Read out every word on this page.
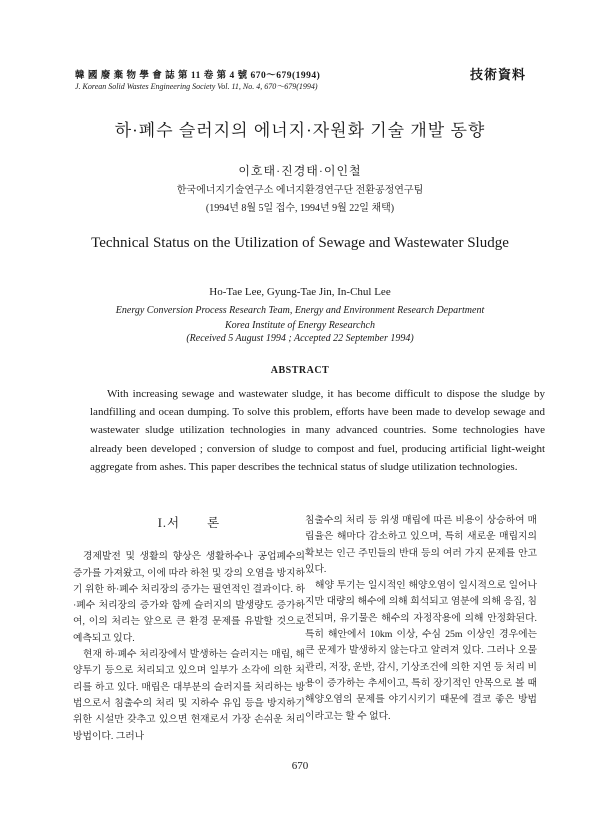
韓 國 廢 棄 物 學 會 誌 第 11 卷 第 4 號 670～679(1994)
J. Korean Solid Wastes Engineering Society Vol. 11, No. 4, 670～679(1994)
技術資料
하·폐수 슬러지의 에너지·자원화 기술 개발 동향
이호태·진경태·이인철
한국에너지기술연구소 에너지환경연구단 전환공정연구팀
(1994년 8월 5일 접수, 1994년 9월 22일 채택)
Technical Status on the Utilization of Sewage and Wastewater Sludge
Ho-Tae Lee, Gyung-Tae Jin, In-Chul Lee
Energy Conversion Process Research Team, Energy and Environment Research Department
Korea Institute of Energy Researchch
(Received 5 August 1994 ; Accepted 22 September 1994)
ABSTRACT
With increasing sewage and wastewater sludge, it has become difficult to dispose the sludge by landfilling and ocean dumping. To solve this problem, efforts have been made to develop sewage and wastewater sludge utilization technologies in many advanced countries. Some technologies have already been developed ; conversion of sludge to compost and fuel, producing artificial light-weight aggregate from ashes. This paper describes the technical status of sludge utilization technologies.
I.서　　론

경제발전 및 생활의 향상은 생활하수나 공업폐수의 증가를 가져왔고, 이에 따라 하천 및 강의 오염을 방지하기 위한 하·폐수 처리장의 증가는 필연적인 결과이다. 하·폐수 처리장의 증가와 함께 슬러지의 발생량도 증가하여, 이의 처리는 앞으로 큰 환경 문제를 유발할 것으로 예측되고 있다.

현재 하·폐수 처리장에서 발생하는 슬러지는 매립, 해양투기 등으로 처리되고 있으며 일부가 소각에 의한 처리를 하고 있다. 매립은 대부분의 슬러지를 처리하는 방법으로서 침출수의 처리 및 지하수 유입 등을 방지하기 위한 시설만 갖추고 있으면 현재로서 가장 손쉬운 처리방법이다. 그러나

침출수의 처리 등 위생 매립에 따른 비용이 상승하여 매립율은 해마다 감소하고 있으며, 특히 새로운 매립지의 확보는 인근 주민들의 반대 등의 여러 가지 문제를 안고 있다.

해양 투기는 일시적인 해양오염이 일시적으로 일어나지만 대량의 해수에 의해 희석되고 염분에 의해 응집, 침전되며, 유기물은 해수의 자정작용에 의해 안정화된다. 특히 해안에서 10km 이상, 수심 25m 이상인 경우에는 큰 문제가 발생하지 않는다고 알려져 있다. 그러나 오물관리, 저장, 운반, 감시, 기상조건에 의한 지연 등 처리 비용이 증가하는 추세이고, 특히 장기적인 안목으로 볼 때 해양오염의 문제를 야기시키기 때문에 결코 좋은 방법이라고는 할 수 없다.

670
